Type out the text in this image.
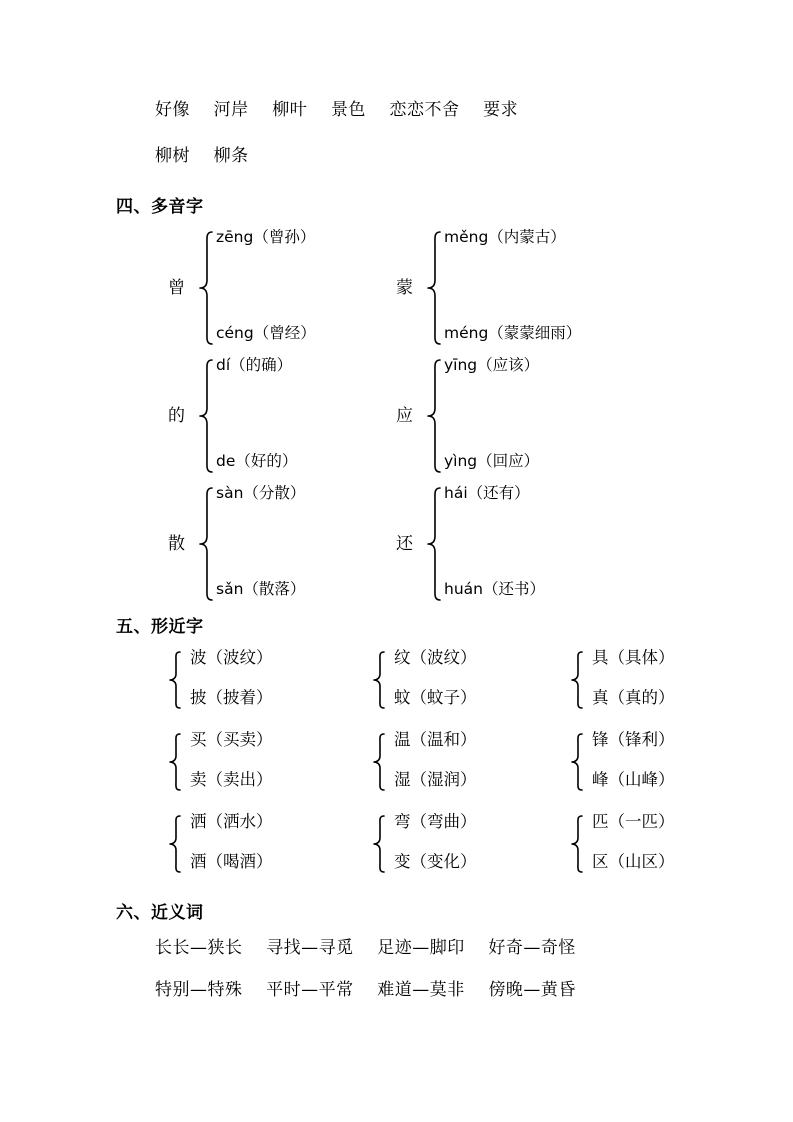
好像    河岸    柳叶    景色    恋恋不舍    要求
柳树    柳条
四、多音字
曾
zēng（曾孙）
céng（曾经）
蒙
měng（内蒙古）
méng（蒙蒙细雨）
的
dí（的确）
de（好的）
应
yīng（应该）
yìng（回应）
散
sàn（分散）
sǎn（散落）
还
hái（还有）
huán（还书）
五、形近字
波（波纹）
披（披着）
纹（波纹）
蚊（蚊子）
具（具体）
真（真的）
买（买卖）
卖（卖出）
温（温和）
湿（湿润）
锋（锋利）
峰（山峰）
洒（洒水）
酒（喝酒）
弯（弯曲）
变（变化）
匹（一匹）
区（山区）
六、近义词
长长—狭长    寻找—寻觅    足迹—脚印    好奇—奇怪
特别—特殊    平时—平常    难道—莫非    傍晚—黄昏
